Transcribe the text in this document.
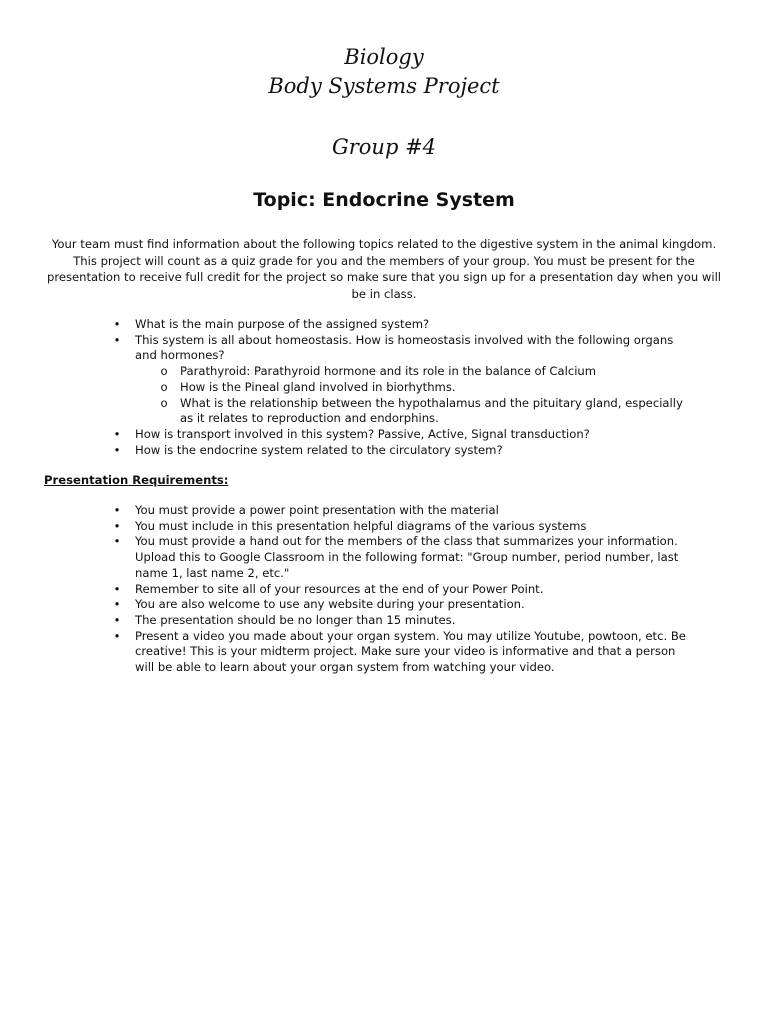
Biology
Body Systems Project
Group #4
Topic: Endocrine System

Your team must find information about the following topics related to the digestive system in the animal kingdom. This project will count as a quiz grade for you and the members of your group. You must be present for the presentation to receive full credit for the project so make sure that you sign up for a presentation day when you will be in class.

• What is the main purpose of the assigned system?
• This system is all about homeostasis. How is homeostasis involved with the following organs and hormones?
o Parathyroid: Parathyroid hormone and its role in the balance of Calcium
o How is the Pineal gland involved in biorhythms.
o What is the relationship between the hypothalamus and the pituitary gland, especially as it relates to reproduction and endorphins.
• How is transport involved in this system? Passive, Active, Signal transduction?
• How is the endocrine system related to the circulatory system?
Presentation Requirements:
• You must provide a power point presentation with the material
• You must include in this presentation helpful diagrams of the various systems
• You must provide a hand out for the members of the class that summarizes your information. Upload this to Google Classroom in the following format: "Group number, period number, last name 1, last name 2, etc."
• Remember to site all of your resources at the end of your Power Point.
• You are also welcome to use any website during your presentation.
• The presentation should be no longer than 15 minutes.
• Present a video you made about your organ system. You may utilize Youtube, powtoon, etc. Be creative! This is your midterm project. Make sure your video is informative and that a person will be able to learn about your organ system from watching your video.
